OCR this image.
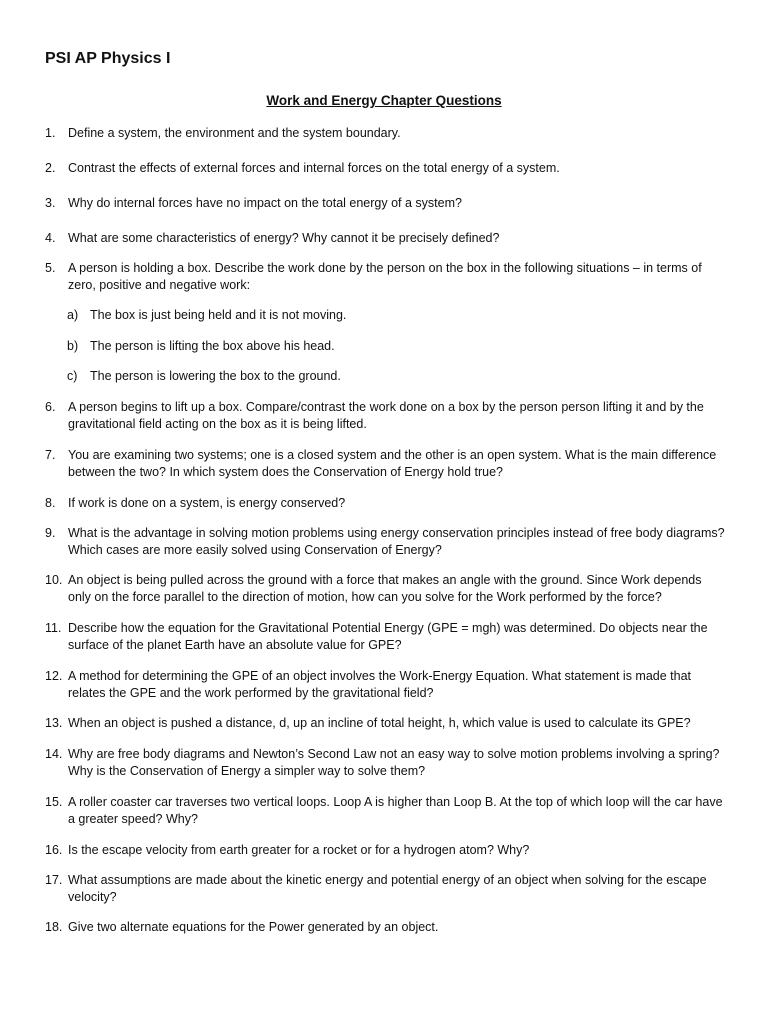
PSI AP Physics I

Work and Energy Chapter Questions

1. Define a system, the environment and the system boundary.
2. Contrast the effects of external forces and internal forces on the total energy of a system.
3. Why do internal forces have no impact on the total energy of a system?
4. What are some characteristics of energy? Why cannot it be precisely defined?
5. A person is holding a box. Describe the work done by the person on the box in the following situations – in terms of zero, positive and negative work:
a) The box is just being held and it is not moving.
b) The person is lifting the box above his head.
c) The person is lowering the box to the ground.
6. A person begins to lift up a box. Compare/contrast the work done on a box by the person person lifting it and by the gravitational field acting on the box as it is being lifted.
7. You are examining two systems; one is a closed system and the other is an open system. What is the main difference between the two? In which system does the Conservation of Energy hold true?
8. If work is done on a system, is energy conserved?
9. What is the advantage in solving motion problems using energy conservation principles instead of free body diagrams? Which cases are more easily solved using Conservation of Energy?
10. An object is being pulled across the ground with a force that makes an angle with the ground. Since Work depends only on the force parallel to the direction of motion, how can you solve for the Work performed by the force?
11. Describe how the equation for the Gravitational Potential Energy (GPE = mgh) was determined. Do objects near the surface of the planet Earth have an absolute value for GPE?
12. A method for determining the GPE of an object involves the Work-Energy Equation. What statement is made that relates the GPE and the work performed by the gravitational field?
13. When an object is pushed a distance, d, up an incline of total height, h, which value is used to calculate its GPE?
14. Why are free body diagrams and Newton’s Second Law not an easy way to solve motion problems involving a spring? Why is the Conservation of Energy a simpler way to solve them?
15. A roller coaster car traverses two vertical loops. Loop A is higher than Loop B. At the top of which loop will the car have a greater speed? Why?
16. Is the escape velocity from earth greater for a rocket or for a hydrogen atom? Why?
17. What assumptions are made about the kinetic energy and potential energy of an object when solving for the escape velocity?
18. Give two alternate equations for the Power generated by an object.
